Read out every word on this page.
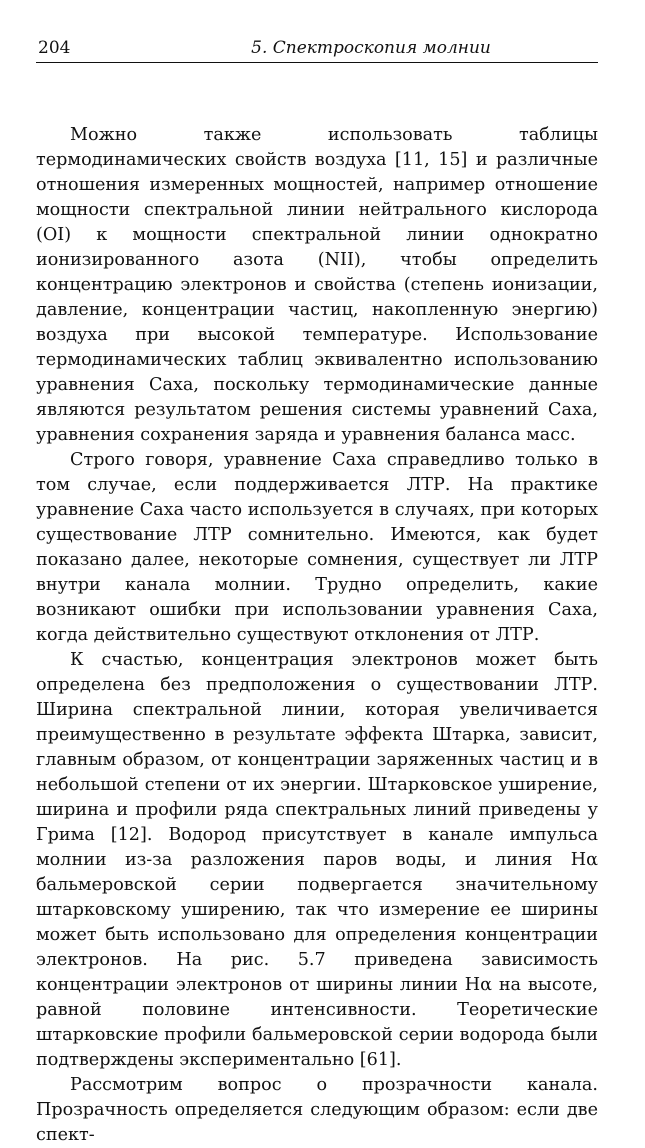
204	5. Спектроскопия молнии

Можно также использовать таблицы термодинамических свойств воздуха [11, 15] и различные отношения измеренных мощностей, например отношение мощности спектральной линии нейтрального кислорода (OI) к мощности спектральной линии однократно ионизированного азота (NII), чтобы определить концентрацию электронов и свойства (степень ионизации, давление, концентрации частиц, накопленную энергию) воздуха при высокой температуре. Использование термодинамических таблиц эквивалентно использованию уравнения Саха, поскольку термодинамические данные являются результатом решения системы уравнений Саха, уравнения сохранения заряда и уравнения баланса масс.

Строго говоря, уравнение Саха справедливо только в том случае, если поддерживается ЛТР. На практике уравнение Саха часто используется в случаях, при которых существование ЛТР сомнительно. Имеются, как будет показано далее, некоторые сомнения, существует ли ЛТР внутри канала молнии. Трудно определить, какие возникают ошибки при использовании уравнения Саха, когда действительно существуют отклонения от ЛТР.

К счастью, концентрация электронов может быть определена без предположения о существовании ЛТР. Ширина спектральной линии, которая увеличивается преимущественно в результате эффекта Штарка, зависит, главным образом, от концентрации заряженных частиц и в небольшой степени от их энергии. Штарковское уширение, ширина и профили ряда спектральных линий приведены у Грима [12]. Водород присутствует в канале импульса молнии из-за разложения паров воды, и линия Hα бальмеровской серии подвергается значительному штарковскому уширению, так что измерение ее ширины может быть использовано для определения концентрации электронов. На рис. 5.7 приведена зависимость концентрации электронов от ширины линии Hα на высоте, равной половине интенсивности. Теоретические штарковские профили бальмеровской серии водорода были подтверждены экспериментально [61].

Рассмотрим вопрос о прозрачности канала. Прозрачность определяется следующим образом: если две спект-
